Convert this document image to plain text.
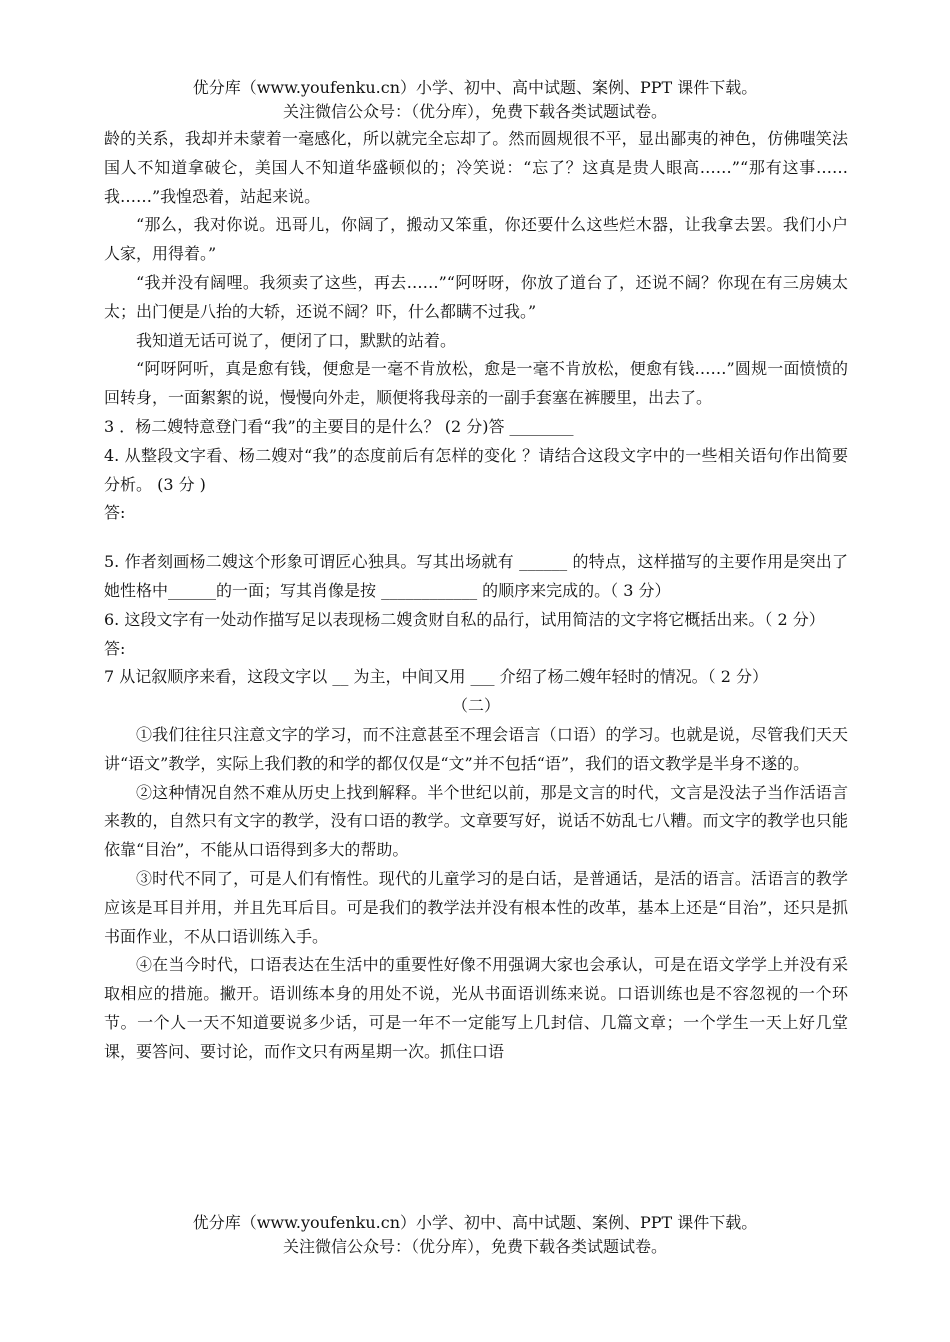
优分库（www.youfenku.cn）小学、初中、高中试题、案例、PPT 课件下载。
关注微信公众号：（优分库），免费下载各类试题试卷。
龄的关系，我却并未蒙着一毫感化，所以就完全忘却了。然而圆规很不平，显出鄙夷的神色，仿佛嗤笑法国人不知道拿破仑，美国人不知道华盛顿似的；冷笑说：“忘了？这真是贵人眼高……”“那有这事……我……”我惶恐着，站起来说。
“那么，我对你说。迅哥儿，你阔了，搬动又笨重，你还要什么这些烂木器，让我拿去罢。我们小户人家，用得着。”
“我并没有阔哩。我须卖了这些，再去……”“阿呀呀，你放了道台了，还说不阔？你现在有三房姨太太；出门便是八抬的大轿，还说不阔？吓，什么都瞒不过我。”
我知道无话可说了，便闭了口，默默的站着。
“阿呀阿听，真是愈有钱，便愈是一毫不肯放松，愈是一毫不肯放松，便愈有钱……”圆规一面愤愤的回转身，一面絮絮的说，慢慢向外走，顺便将我母亲的一副手套塞在裤腰里，出去了。
3 ．杨二嫂特意登门看“我”的主要目的是什么？ (2 分)答 ________
4. 从整段文字看、杨二嫂对“我”的态度前后有怎样的变化 ？请结合这段文字中的一些相关语句作出简要分析。 (3 分 )
答:
5. 作者刻画杨二嫂这个形象可谓匠心独具。写其出场就有 ______ 的特点，这样描写的主要作用是突出了她性格中______的一面；写其肖像是按 ____________ 的顺序来完成的。（ 3 分）
6. 这段文字有一处动作描写足以表现杨二嫂贪财自私的品行，试用简洁的文字将它概括出来。（ 2 分）
答:
7 从记叙顺序来看，这段文字以 __ 为主，中间又用 ___ 介绍了杨二嫂年轻时的情况。（ 2 分）
（二）
①我们往往只注意文字的学习，而不注意甚至不理会语言（口语）的学习。也就是说，尽管我们天天讲“语文”教学，实际上我们教的和学的都仅仅是“文”并不包括“语”，我们的语文教学是半身不遂的。
②这种情况自然不难从历史上找到解释。半个世纪以前，那是文言的时代，文言是没法子当作活语言来教的，自然只有文字的教学，没有口语的教学。文章要写好，说话不妨乱七八糟。而文字的教学也只能依靠“目治”，不能从口语得到多大的帮助。
③时代不同了，可是人们有惰性。现代的儿童学习的是白话，是普通话，是活的语言。活语言的教学应该是耳目并用，并且先耳后目。可是我们的教学法并没有根本性的改革，基本上还是“目治”，还只是抓书面作业，不从口语训练入手。
④在当今时代，口语表达在生活中的重要性好像不用强调大家也会承认，可是在语文学学上并没有采取相应的措施。撇开。语训练本身的用处不说，光从书面语训练来说。口语训练也是不容忽视的一个环节。一个人一天不知道要说多少话，可是一年不一定能写上几封信、几篇文章；一个学生一天上好几堂课，要答问、要讨论，而作文只有两星期一次。抓住口语
优分库（www.youfenku.cn）小学、初中、高中试题、案例、PPT 课件下载。
关注微信公众号：（优分库），免费下载各类试题试卷。
